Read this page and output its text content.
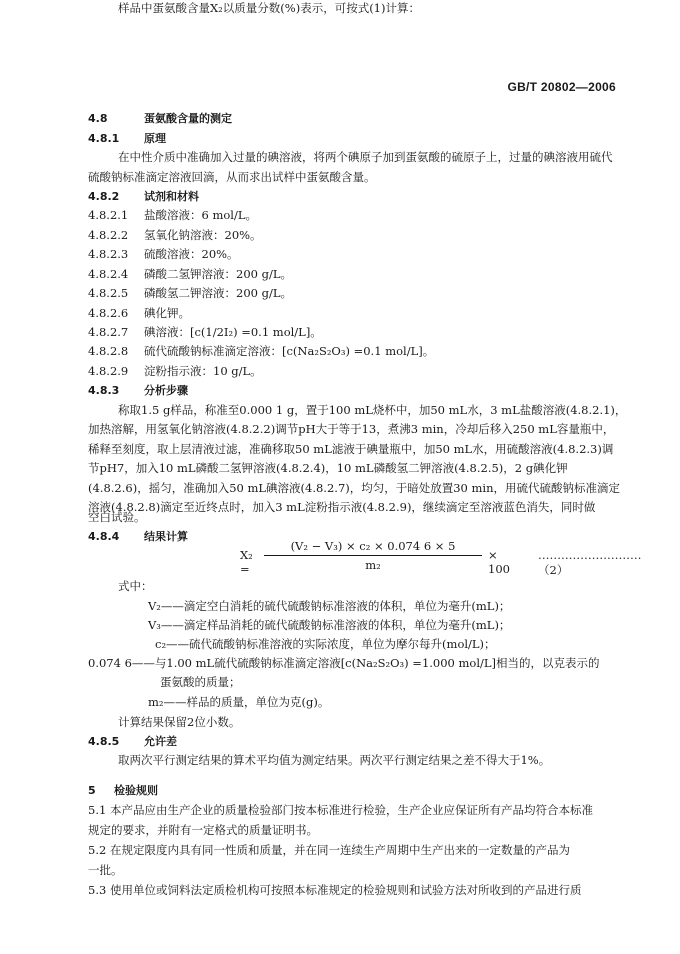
GB/T 20802—2006
4.8	蛋氨酸含量的测定
4.8.1 原理
在中性介质中准确加入过量的碘溶液，将两个碘原子加到蛋氨酸的硫原子上，过量的碘溶液用硫代
硫酸钠标准滴定溶液回滴，从而求出试样中蛋氨酸含量。
4.8.2 试剂和材料
4.8.2.1 盐酸溶液：6 mol/L。
4.8.2.2 氢氧化钠溶液：20%。
4.8.2.3 硫酸溶液：20%。
4.8.2.4 磷酸二氢钾溶液：200 g/L。
4.8.2.5 磷酸氢二钾溶液：200 g/L。
4.8.2.6 碘化钾。
4.8.2.7 碘溶液：[c(1/2I₂) =0.1 mol/L]。
4.8.2.8 硫代硫酸钠标准滴定溶液：[c(Na₂S₂O₃) =0.1 mol/L]。
4.8.2.9 淀粉指示液：10 g/L。
4.8.3 分析步骤
称取1.5 g样品，称准至0.000 1 g，置于100 mL烧杯中，加50 mL水，3 mL盐酸溶液(4.8.2.1)，
加热溶解，用氢氧化钠溶液(4.8.2.2)调节pH大于等于13，煮沸3 min，冷却后移入250 mL容量瓶中，
稀释至刻度，取上层清液过滤，准确移取50 mL滤液于碘量瓶中，加50 mL水，用硫酸溶液(4.8.2.3)调
节pH7，加入10 mL磷酸二氢钾溶液(4.8.2.4)，10 mL磷酸氢二钾溶液(4.8.2.5)，2 g碘化钾
(4.8.2.6)，摇匀，准确加入50 mL碘溶液(4.8.2.7)，均匀，于暗处放置30 min，用硫代硫酸钠标准滴定
溶液(4.8.2.8)滴定至近终点时，加入3 mL淀粉指示液(4.8.2.9)，继续滴定至溶液蓝色消失，同时做
空白试验。
4.8.4 结果计算
样品中蛋氨酸含量X₂以质量分数(%)表示，可按式(1)计算：
$X_2 = \frac{\text{(V₂ − V₃) × c₂ × 0.074 6 × 5}}{\text{m₂}} \times 100$
………………………（2）
式中：
V₂——滴定空白消耗的硫代硫酸钠标准溶液的体积，单位为毫升(mL)；
V₃——滴定样品消耗的硫代硫酸钠标准溶液的体积，单位为毫升(mL)；
c₂——硫代硫酸钠标准溶液的实际浓度，单位为摩尔每升(mol/L)；
0.074 6——与1.00 mL硫代硫酸钠标准滴定溶液[c(Na₂S₂O₃) =1.000 mol/L]相当的，以克表示的
蛋氨酸的质量；
m₂——样品的质量，单位为克(g)。
计算结果保留2位小数。
4.8.5 允许差
取两次平行测定结果的算术平均值为测定结果。两次平行测定结果之差不得大于1%。
5 检验规则
5.1 本产品应由生产企业的质量检验部门按本标准进行检验，生产企业应保证所有产品均符合本标准
规定的要求，并附有一定格式的质量证明书。
5.2 在规定限度内具有同一性质和质量，并在同一连续生产周期中生产出来的一定数量的产品为
一批。
5.3 使用单位或饲料法定质检机构可按照本标准规定的检验规则和试验方法对所收到的产品进行质
